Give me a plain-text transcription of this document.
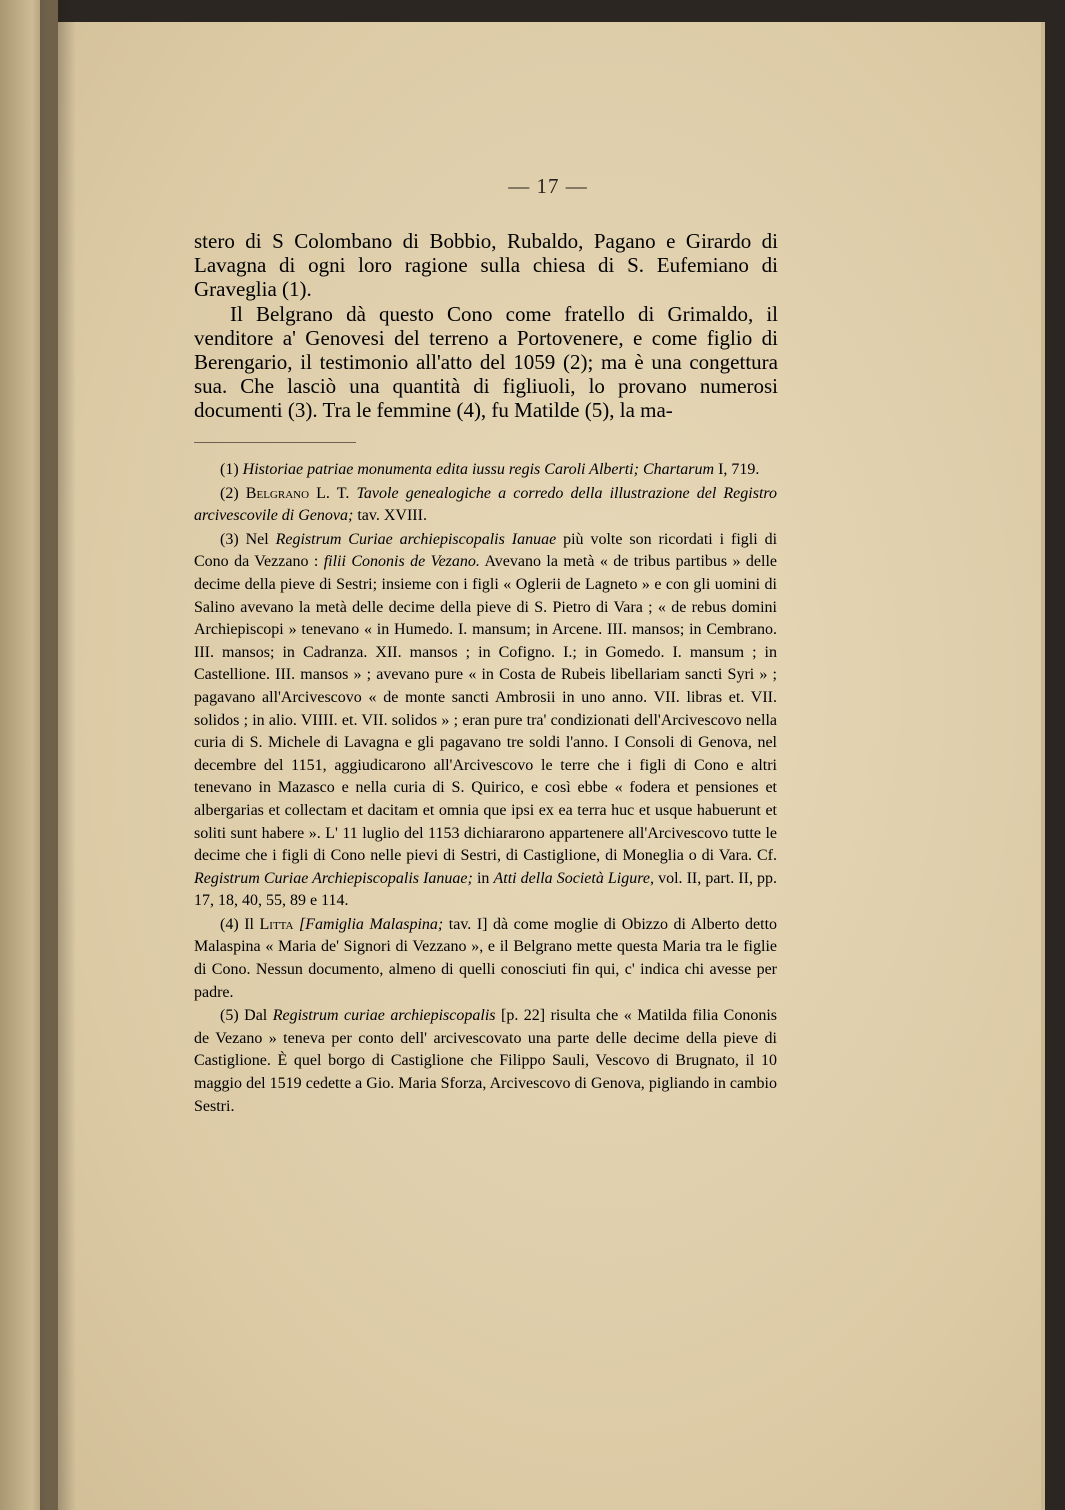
— 17 —

stero di S Colombano di Bobbio, Rubaldo, Pagano e Girardo di Lavagna di ogni loro ragione sulla chiesa di S. Eufemiano di Graveglia (1).

Il Belgrano dà questo Cono come fratello di Grimaldo, il venditore a' Genovesi del terreno a Portovenere, e come figlio di Berengario, il testimonio all'atto del 1059 (2); ma è una congettura sua. Che lasciò una quantità di figliuoli, lo provano numerosi documenti (3). Tra le femmine (4), fu Matilde (5), la ma-

(1) Historiae patriae monumenta edita iussu regis Caroli Alberti; Chartarum I, 719.

(2) Belgrano L. T. Tavole genealogiche a corredo della illustrazione del Registro arcivescovile di Genova; tav. XVIII.

(3) Nel Registrum Curiae archiepiscopalis Ianuae più volte son ricordati i figli di Cono da Vezzano : filii Cononis de Vezano. Avevano la metà « de tribus partibus » delle decime della pieve di Sestri; insieme con i figli « Oglerii de Lagneto » e con gli uomini di Salino avevano la metà delle decime della pieve di S. Pietro di Vara ; « de rebus domini Archiepiscopi » tenevano « in Humedo. I. mansum; in Arcene. III. mansos; in Cembrano. III. mansos; in Cadranza. XII. mansos ; in Cofigno. I.; in Gomedo. I. mansum ; in Castellione. III. mansos » ; avevano pure « in Costa de Rubeis libellariam sancti Syri » ; pagavano all'Arcivescovo « de monte sancti Ambrosii in uno anno. VII. libras et. VII. solidos ; in alio. VIIII. et. VII. solidos » ; eran pure tra' condizionati dell'Arcivescovo nella curia di S. Michele di Lavagna e gli pagavano tre soldi l'anno. I Consoli di Genova, nel decembre del 1151, aggiudicarono all'Arcivescovo le terre che i figli di Cono e altri tenevano in Mazasco e nella curia di S. Quirico, e così ebbe « fodera et pensiones et albergarias et collectam et dacitam et omnia que ipsi ex ea terra huc et usque habuerunt et soliti sunt habere ». L' 11 luglio del 1153 dichiararono appartenere all'Arcivescovo tutte le decime che i figli di Cono nelle pievi di Sestri, di Castiglione, di Moneglia o di Vara. Cf. Registrum Curiae Archiepiscopalis Ianuae; in Atti della Società Ligure, vol. II, part. II, pp. 17, 18, 40, 55, 89 e 114.

(4) Il Litta [Famiglia Malaspina; tav. I] dà come moglie di Obizzo di Alberto detto Malaspina « Maria de' Signori di Vezzano », e il Belgrano mette questa Maria tra le figlie di Cono. Nessun documento, almeno di quelli conosciuti fin qui, c' indica chi avesse per padre.

(5) Dal Registrum curiae archiepiscopalis [p. 22] risulta che « Matilda filia Cononis de Vezano » teneva per conto dell' arcivescovato una parte delle decime della pieve di Castiglione. È quel borgo di Castiglione che Filippo Sauli, Vescovo di Brugnato, il 10 maggio del 1519 cedette a Gio. Maria Sforza, Arcivescovo di Genova, pigliando in cambio Sestri.
